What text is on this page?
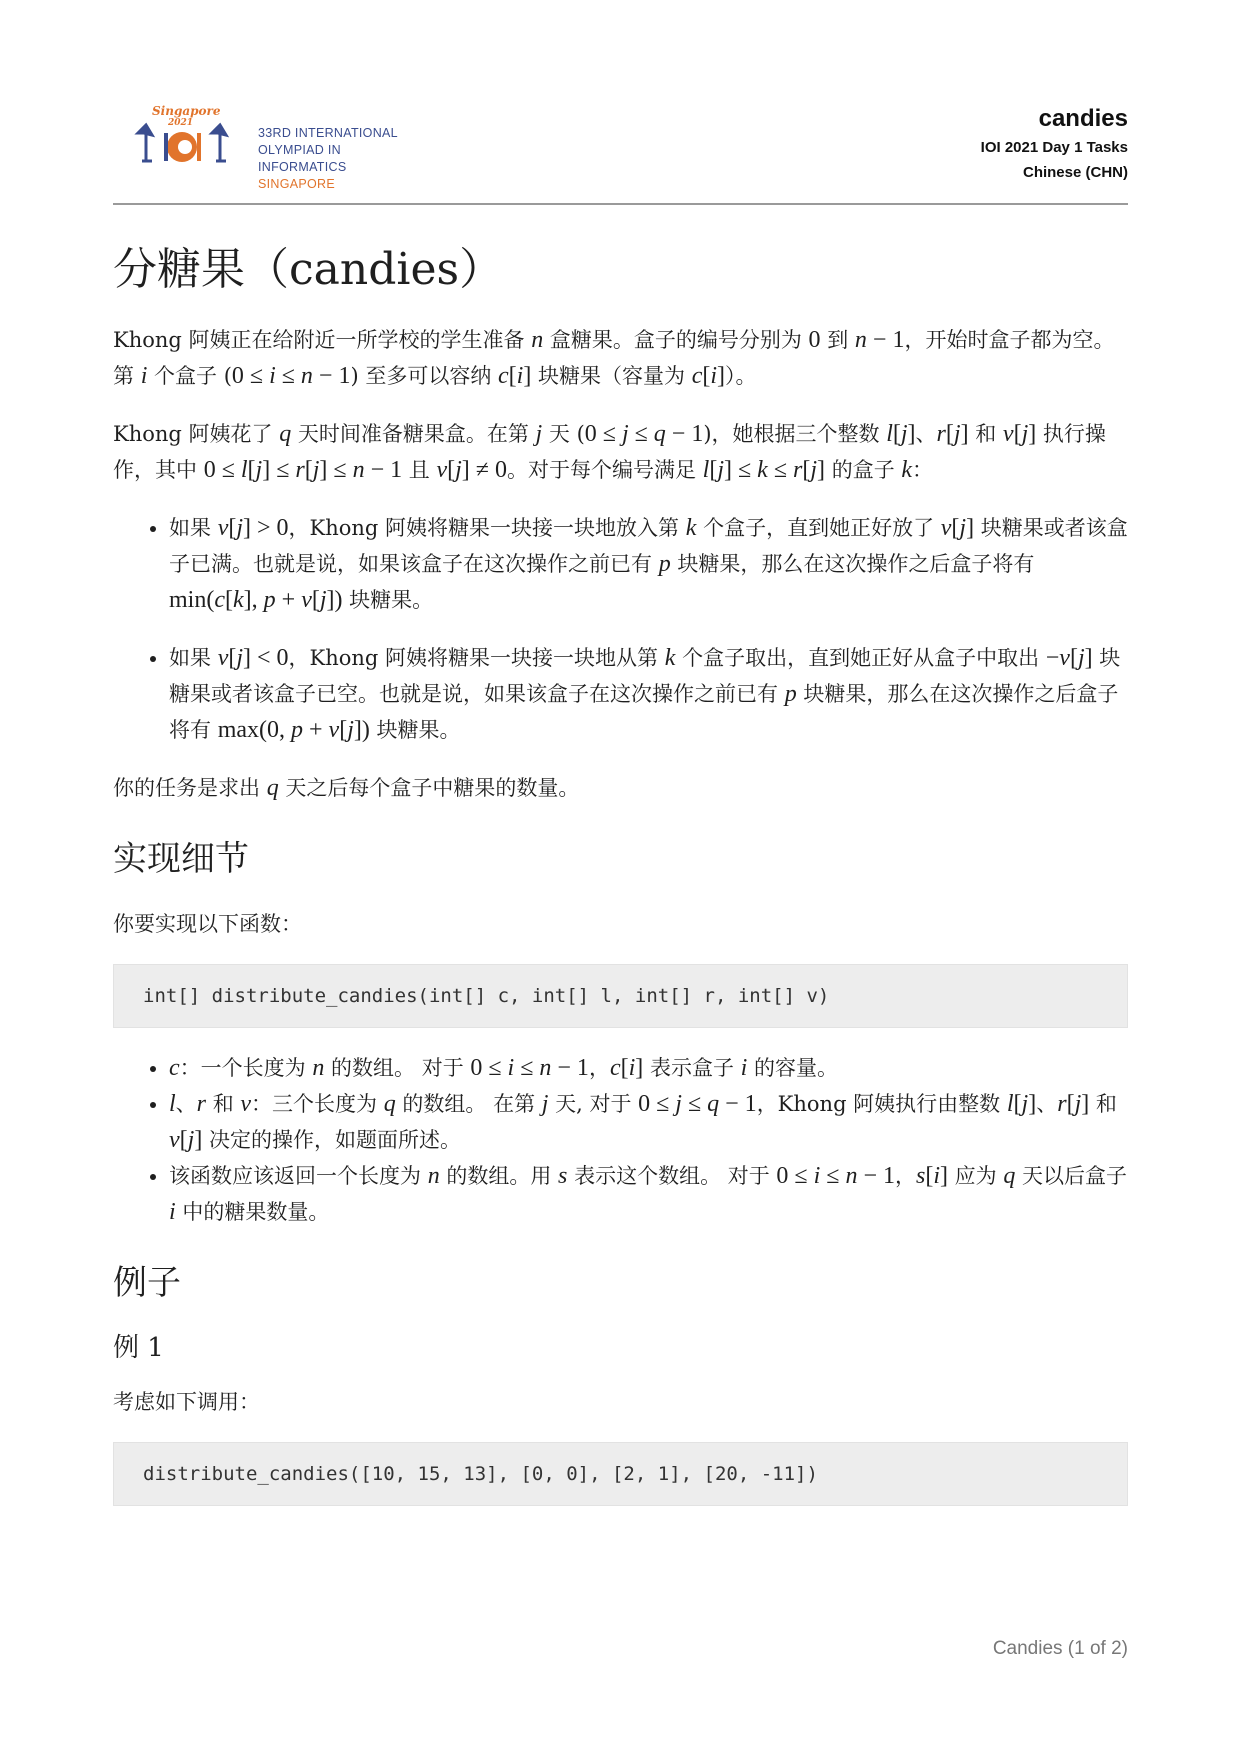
Singapore
2021
33RD INTERNATIONAL
OLYMPIAD IN INFORMATICS
SINGAPORE
candies
IOI 2021 Day 1 Tasks
Chinese (CHN)
分糖果（candies）

Khong 阿姨正在给附近一所学校的学生准备 n 盒糖果。盒子的编号分别为 0 到 n − 1，开始时盒子都为空。第 i 个盒子 (0 ≤ i ≤ n − 1) 至多可以容纳 c[i] 块糖果（容量为 c[i]）。

Khong 阿姨花了 q 天时间准备糖果盒。在第 j 天 (0 ≤ j ≤ q − 1)，她根据三个整数 l[j]、r[j] 和 v[j] 执行操作，其中 0 ≤ l[j] ≤ r[j] ≤ n − 1 且 v[j] ≠ 0。对于每个编号满足 l[j] ≤ k ≤ r[j] 的盒子 k：

• 如果 v[j] > 0，Khong 阿姨将糖果一块接一块地放入第 k 个盒子，直到她正好放了 v[j] 块糖果或者该盒子已满。也就是说，如果该盒子在这次操作之前已有 p 块糖果，那么在这次操作之后盒子将有 min(c[k], p + v[j]) 块糖果。
• 如果 v[j] < 0，Khong 阿姨将糖果一块接一块地从第 k 个盒子取出，直到她正好从盒子中取出 −v[j] 块糖果或者该盒子已空。也就是说，如果该盒子在这次操作之前已有 p 块糖果，那么在这次操作之后盒子将有 max(0, p + v[j]) 块糖果。

你的任务是求出 q 天之后每个盒子中糖果的数量。

实现细节

你要实现以下函数：

int[] distribute_candies(int[] c, int[] l, int[] r, int[] v)
• c：一个长度为 n 的数组。 对于 0 ≤ i ≤ n − 1，c[i] 表示盒子 i 的容量。
• l、r 和 v：三个长度为 q 的数组。 在第 j 天, 对于 0 ≤ j ≤ q − 1，Khong 阿姨执行由整数 l[j]、r[j] 和 v[j] 决定的操作，如题面所述。
• 该函数应该返回一个长度为 n 的数组。用 s 表示这个数组。 对于 0 ≤ i ≤ n − 1，s[i] 应为 q 天以后盒子 i 中的糖果数量。
例子
例 1

考虑如下调用：

distribute_candies([10, 15, 13], [0, 0], [2, 1], [20, -11])
Candies (1 of 2)
